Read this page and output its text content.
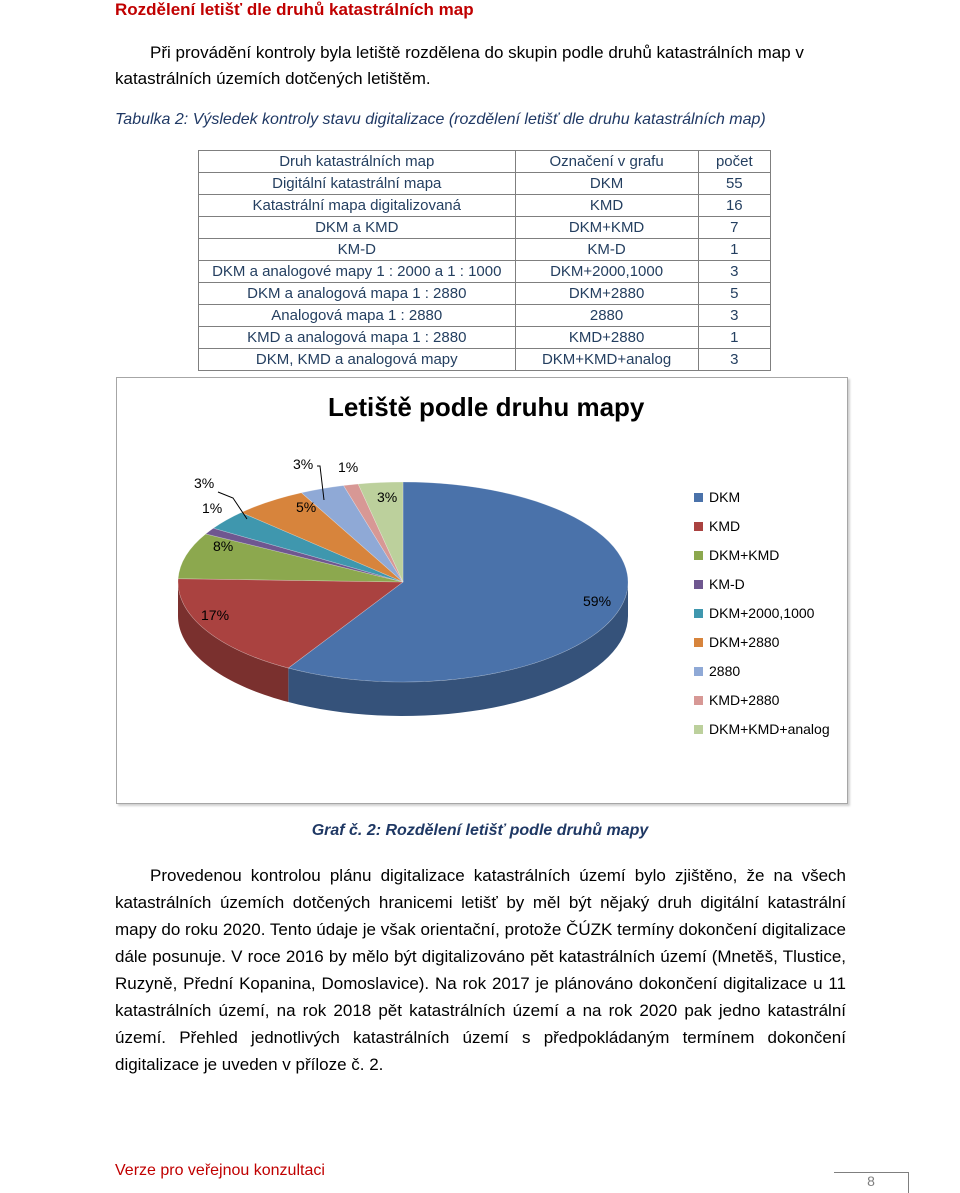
Rozdělení letišť dle druhů katastrálních map
Při provádění kontroly byla letiště rozdělena do skupin podle druhů katastrálních map v katastrálních územích dotčených letištěm.
Tabulka 2: Výsledek kontroly stavu digitalizace (rozdělení letišť dle druhu katastrálních map)
Druh katastrálních map	Označení v grafu	počet
Digitální katastrální mapa	DKM	55
Katastrální mapa digitalizovaná	KMD	16
DKM a KMD	DKM+KMD	7
KM-D	KM-D	1
DKM a analogové mapy 1 : 2000 a 1 : 1000	DKM+2000,1000	3
DKM a analogová mapa 1 : 2880	DKM+2880	5
Analogová mapa 1 : 2880	2880	3
KMD a analogová mapa 1 : 2880	KMD+2880	1
DKM, KMD a analogová mapy	DKM+KMD+analog	3
Letiště podle druhu mapy
59%
17%
8%
1%
3%
5%
3% 1%
3%	DKM
KMD
DKM+KMD
KM-D
DKM+2000,1000
DKM+2880
2880
KMD+2880
DKM+KMD+analog
Graf č. 2: Rozdělení letišť podle druhů mapy
Provedenou kontrolou plánu digitalizace katastrálních území bylo zjištěno, že na všech katastrálních územích dotčených hranicemi letišť by měl být nějaký druh digitální katastrální mapy do roku 2020. Tento údaje je však orientační, protože ČÚZK termíny dokončení digitalizace dále posunuje. V roce 2016 by mělo být digitalizováno pět katastrálních území (Mnetěš, Tlustice, Ruzyně, Přední Kopanina, Domoslavice). Na rok 2017 je plánováno dokončení digitalizace u 11 katastrálních území, na rok 2018 pět katastrálních území a na rok 2020 pak jedno katastrální území. Přehled jednotlivých katastrálních území s předpokládaným termínem dokončení digitalizace je uveden v příloze č. 2.
Verze pro veřejnou konzultaci
8
